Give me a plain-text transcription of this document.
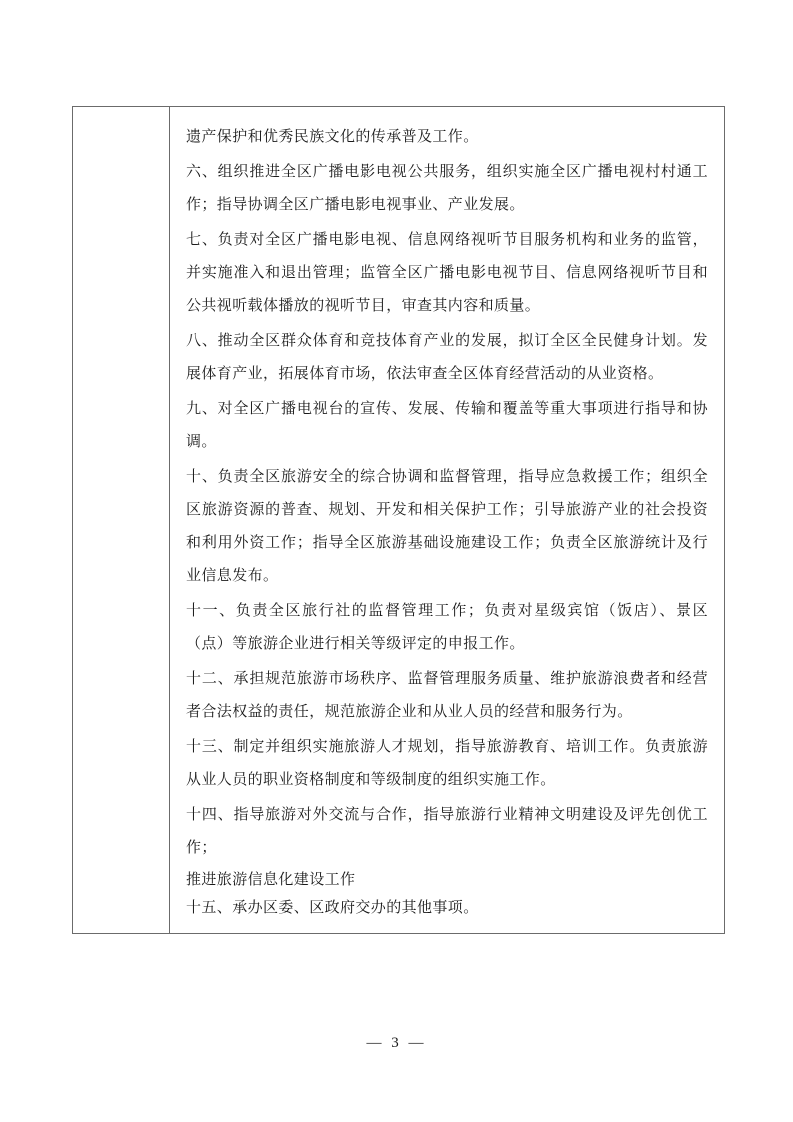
遗产保护和优秀民族文化的传承普及工作。

六、组织推进全区广播电影电视公共服务，组织实施全区广播电视村村通工作；指导协调全区广播电影电视事业、产业发展。

七、负责对全区广播电影电视、信息网络视听节目服务机构和业务的监管，并实施准入和退出管理；监管全区广播电影电视节目、信息网络视听节目和公共视听载体播放的视听节目，审查其内容和质量。

八、推动全区群众体育和竞技体育产业的发展，拟订全区全民健身计划。发展体育产业，拓展体育市场，依法审查全区体育经营活动的从业资格。

九、对全区广播电视台的宣传、发展、传输和覆盖等重大事项进行指导和协调。

十、负责全区旅游安全的综合协调和监督管理，指导应急救援工作；组织全区旅游资源的普查、规划、开发和相关保护工作；引导旅游产业的社会投资和利用外资工作；指导全区旅游基础设施建设工作；负责全区旅游统计及行业信息发布。

十一、负责全区旅行社的监督管理工作；负责对星级宾馆（饭店）、景区（点）等旅游企业进行相关等级评定的申报工作。

十二、承担规范旅游市场秩序、监督管理服务质量、维护旅游浪费者和经营者合法权益的责任，规范旅游企业和从业人员的经营和服务行为。

十三、制定并组织实施旅游人才规划，指导旅游教育、培训工作。负责旅游从业人员的职业资格制度和等级制度的组织实施工作。

十四、指导旅游对外交流与合作，指导旅游行业精神文明建设及评先创优工作；

推进旅游信息化建设工作

十五、承办区委、区政府交办的其他事项。

— 3 —
